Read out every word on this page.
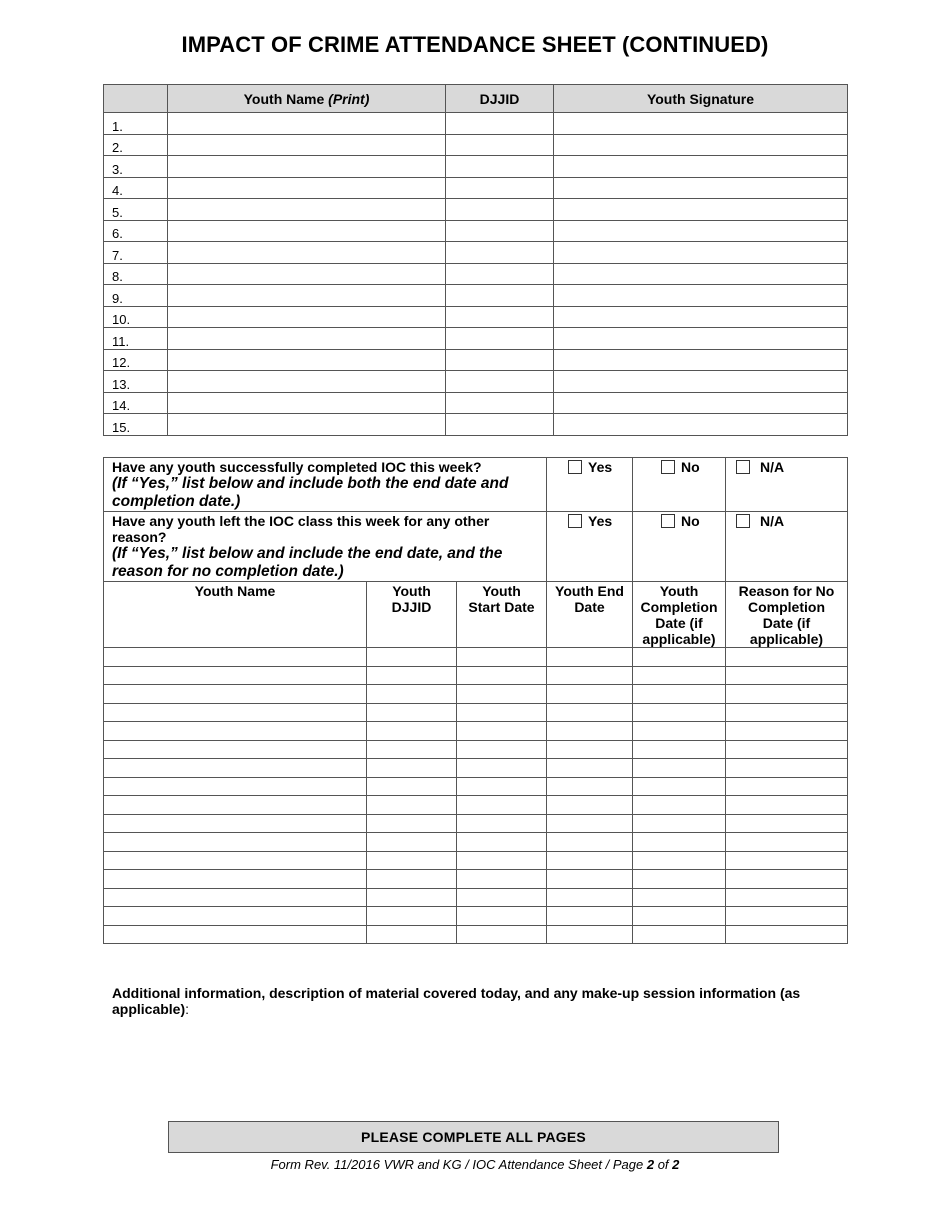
IMPACT OF CRIME ATTENDANCE SHEET (CONTINUED)
	Youth Name (Print)	DJJID	Youth Signature
1.			
2.			
3.			
4.			
5.			
6.			
7.			
8.			
9.			
10.			
11.			
12.			
13.			
14.			
15.			
Have any youth successfully completed IOC this week?
(If “Yes,” list below and include both the end date and completion date.)			Yes	No	N/A

Have any youth left the IOC class this week for any other reason?
(If “Yes,” list below and include the end date, and the reason for no completion date.)			Yes	No	N/A
Youth Name	Youth DJJID	Youth Start Date	Youth End Date	Youth Completion Date (if applicable)	Reason for No Completion Date (if applicable)

Additional information, description of material covered today, and any make-up session information (as applicable):
PLEASE COMPLETE ALL PAGES
Form Rev. 11/2016 VWR and KG / IOC Attendance Sheet / Page 2 of 2
